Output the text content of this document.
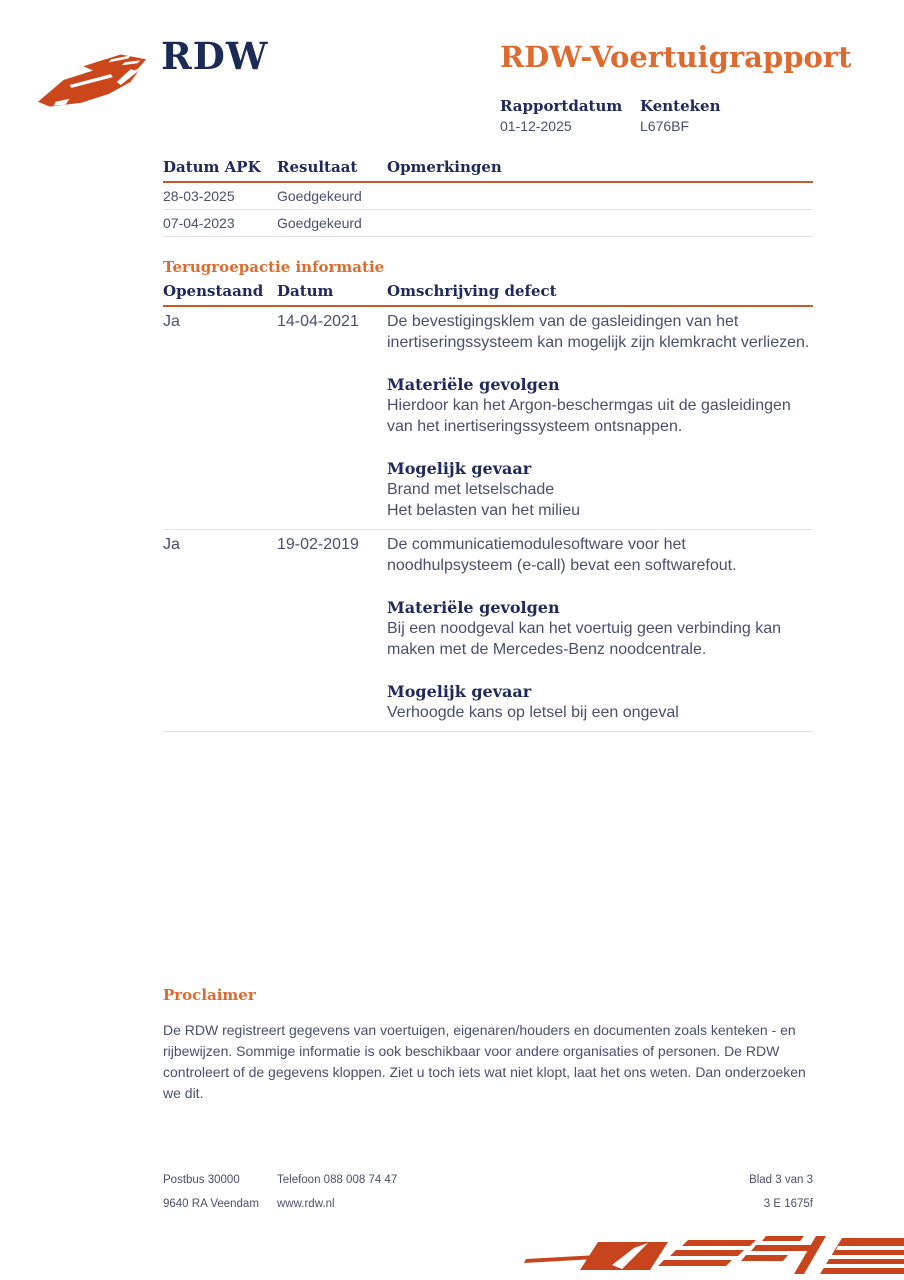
RDW	RDW-Voertuigrapport
Rapportdatum Kenteken
01-12-2025	L676BF
Datum APK	Resultaat	Opmerkingen
28-03-2025	Goedgekeurd
07-04-2023	Goedgekeurd
Terugroepactie informatie
Openstaand Datum	Omschrijving defect
Ja	14-04-2021	De bevestigingsklem van de gasleidingen van het inertiseringssysteem kan mogelijk zijn klemkracht verliezen.

Materiële gevolgen

Hierdoor kan het Argon-beschermgas uit de gasleidingen van het inertiseringssysteem ontsnappen.

Mogelijk gevaar

Brand met letselschade

Het belasten van het milieu

Ja	19-02-2019	De communicatiemodulesoftware voor het noodhulpsysteem (e-call) bevat een softwarefout.

Materiële gevolgen

Bij een noodgeval kan het voertuig geen verbinding kan maken met de Mercedes-Benz noodcentrale.

Mogelijk gevaar

Verhoogde kans op letsel bij een ongeval

Proclaimer

De RDW registreert gegevens van voertuigen, eigenaren/houders en documenten zoals kenteken - en rijbewijzen. Sommige informatie is ook beschikbaar voor andere organisaties of personen. De RDW controleert of de gegevens kloppen. Ziet u toch iets wat niet klopt, laat het ons weten. Dan onderzoeken we dit.

Postbus 30000	Telefoon 088 008 74 47	Blad 3 van 3
9640 RA Veendam	www.rdw.nl	3 E 1675f
